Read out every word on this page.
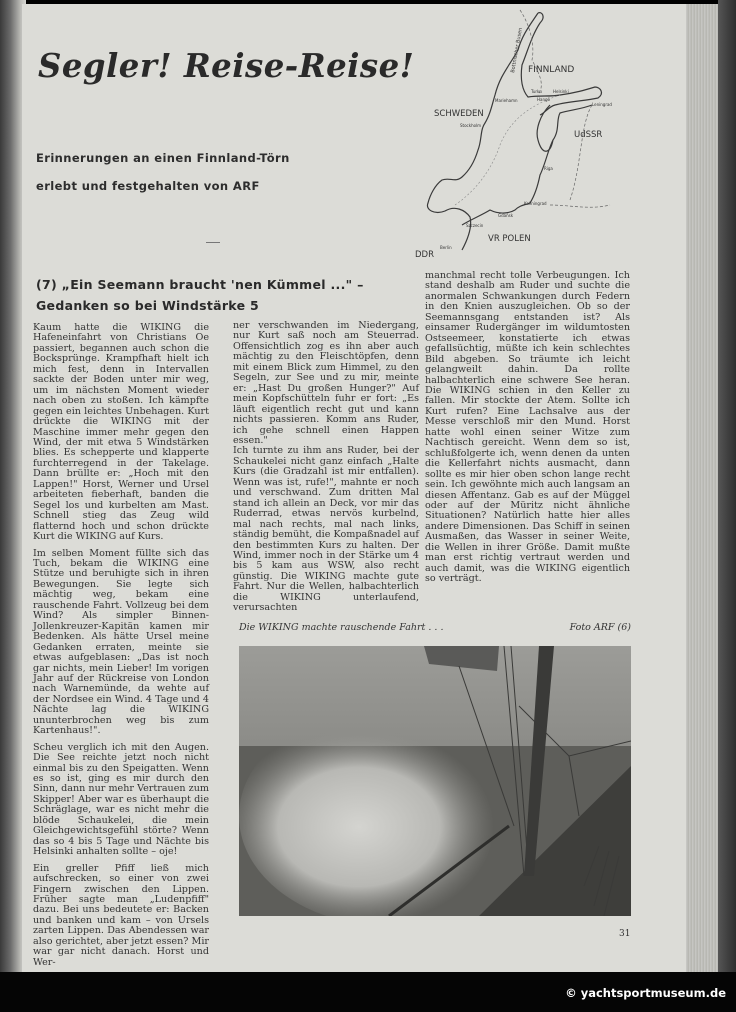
Segler! Reise-Reise!
Erinnerungen an einen Finnland-Törn
erlebt und festgehalten von ARF
(7) „Ein Seemann braucht 'nen Kümmel ..." –
Gedanken so bei Windstärke 5
Bottnischer Busen FINNLAND
Turku	Helsinki
Hangö
Mariehamn
Leningrad
SCHWEDEN
Stockholm
UdSSR
Riga
Kaliningrad
Gdańsk
Szczecin
VR POLEN
DDR
Berlin

Kaum hatte die WIKING die Hafeneinfahrt von Christians Oe passiert, begannen auch schon die Bocksprünge. Krampfhaft hielt ich mich fest, denn in Intervallen sackte der Boden unter mir weg, um im nächsten Moment wieder nach oben zu stoßen. Ich kämpfte gegen ein leichtes Unbehagen. Kurt drückte die WIKING mit der Maschine immer mehr gegen den Wind, der mit etwa 5 Windstärken blies. Es schepperte und klapperte furchterregend in der Takelage. Dann brüllte er: „Hoch mit den Lappen!" Horst, Werner und Ursel arbeiteten fieberhaft, banden die Segel los und kurbelten am Mast. Schnell stieg das Zeug wild flatternd hoch und schon drückte Kurt die WIKING auf Kurs.

Im selben Moment füllte sich das Tuch, bekam die WIKING eine Stütze und beruhigte sich in ihren Bewegungen. Sie legte sich mächtig weg, bekam eine rauschende Fahrt. Vollzeug bei dem Wind? Als simpler Binnen-Jollenkreuzer-Kapitän kamen mir Bedenken. Als hätte Ursel meine Gedanken erraten, meinte sie etwas aufgeblasen: „Das ist noch gar nichts, mein Lieber! Im vorigen Jahr auf der Rückreise von London nach Warnemünde, da wehte auf der Nordsee ein Wind. 4 Tage und 4 Nächte lag die WIKING ununterbrochen weg bis zum Kartenhaus!".

Scheu verglich ich mit den Augen. Die See reichte jetzt noch nicht einmal bis zu den Speigatten. Wenn es so ist, ging es mir durch den Sinn, dann nur mehr Vertrauen zum Skipper! Aber war es überhaupt die Schräglage, war es nicht mehr die blöde Schaukelei, die mein Gleichgewichtsgefühl störte? Wenn das so 4 bis 5 Tage und Nächte bis Helsinki anhalten sollte – oje!

Ein greller Pfiff ließ mich aufschrecken, so einer von zwei Fingern zwischen den Lippen. Früher sagte man „Ludenpfiff" dazu. Bei uns bedeutete er: Backen und banken und kam – von Ursels zarten Lippen. Das Abendessen war also gerichtet, aber jetzt essen? Mir war gar nicht danach. Horst und Wer-

ner verschwanden im Niedergang, nur Kurt saß noch am Steuerrad. Offensichtlich zog es ihn aber auch mächtig zu den Fleischtöpfen, denn mit einem Blick zum Himmel, zu den Segeln, zur See und zu mir, meinte er: „Hast Du großen Hunger?" Auf mein Kopfschütteln fuhr er fort: „Es läuft eigentlich recht gut und kann nichts passieren. Komm ans Ruder, ich gehe schnell einen Happen essen."

Ich turnte zu ihm ans Ruder, bei der Schaukelei nicht ganz einfach „Halte Kurs (die Gradzahl ist mir entfallen). Wenn was ist, rufe!", mahnte er noch und verschwand. Zum dritten Mal stand ich allein an Deck, vor mir das Ruderrad, etwas nervös kurbelnd, mal nach rechts, mal nach links, ständig bemüht, die Kompaßnadel auf den bestimmten Kurs zu halten. Der Wind, immer noch in der Stärke um 4 bis 5 kam aus WSW, also recht günstig. Die WIKING machte gute Fahrt. Nur die Wellen, halbachterlich die WIKING unterlaufend, verursachten

manchmal recht tolle Verbeugungen. Ich stand deshalb am Ruder und suchte die anormalen Schwankungen durch Federn in den Knien auszugleichen. Ob so der Seemannsgang entstanden ist? Als einsamer Rudergänger im wildumtosten Ostseemeer, konstatierte ich etwas gefallsüchtig, müßte ich kein schlechtes Bild abgeben. So träumte ich leicht gelangweilt dahin. Da rollte halbachterlich eine schwere See heran. Die WIKING schien in den Keller zu fallen. Mir stockte der Atem. Sollte ich Kurt rufen? Eine Lachsalve aus der Messe verschloß mir den Mund. Horst hatte wohl einen seiner Witze zum Nachtisch gereicht. Wenn dem so ist, schlußfolgerte ich, wenn denen da unten die Kellerfahrt nichts ausmacht, dann sollte es mir hier oben schon lange recht sein. Ich gewöhnte mich auch langsam an diesen Affentanz. Gab es auf der Müggel oder auf der Müritz nicht ähnliche Situationen? Natürlich hatte hier alles andere Dimensionen. Das Schiff in seinen Ausmaßen, das Wasser in seiner Weite, die Wellen in ihrer Größe. Damit mußte man erst richtig vertraut werden und auch damit, was die WIKING eigentlich so verträgt.

Die WIKING machte rauschende Fahrt . . .	Foto ARF (6)
31
© yachtsportmuseum.de
